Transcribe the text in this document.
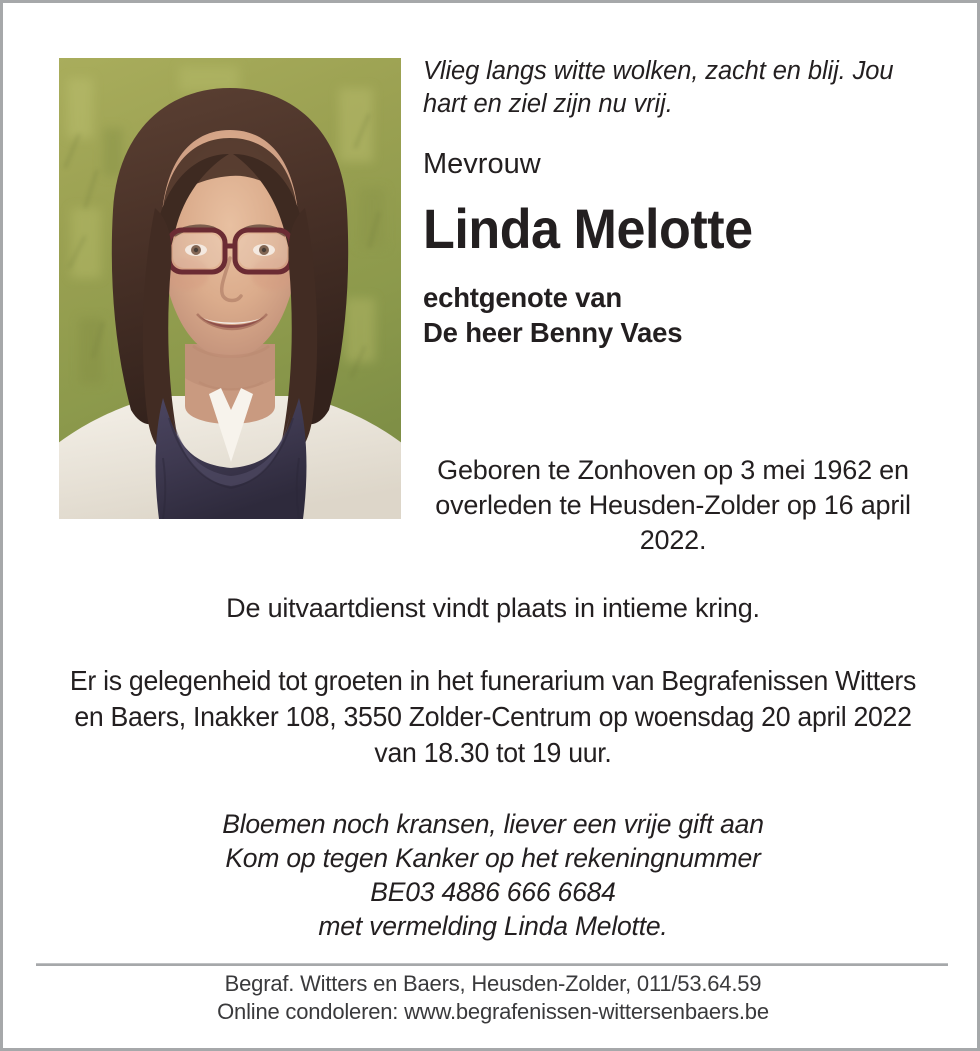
Vlieg langs witte wolken, zacht en blij. Jou hart en ziel zijn nu vrij.
Mevrouw
Linda Melotte
echtgenote van
De heer Benny Vaes
Geboren te Zonhoven op 3 mei 1962 en overleden te Heusden-Zolder op 16 april 2022.
De uitvaartdienst vindt plaats in intieme kring.
Er is gelegenheid tot groeten in het funerarium van Begrafenissen Witters en Baers, Inakker 108, 3550 Zolder-Centrum op woensdag 20 april 2022 van 18.30 tot 19 uur.
Bloemen noch kransen, liever een vrije gift aan
Kom op tegen Kanker op het rekeningnummer
BE03 4886 666 6684
met vermelding Linda Melotte.
Begraf. Witters en Baers, Heusden-Zolder, 011/53.64.59
Online condoleren: www.begrafenissen-wittersenbaers.be
